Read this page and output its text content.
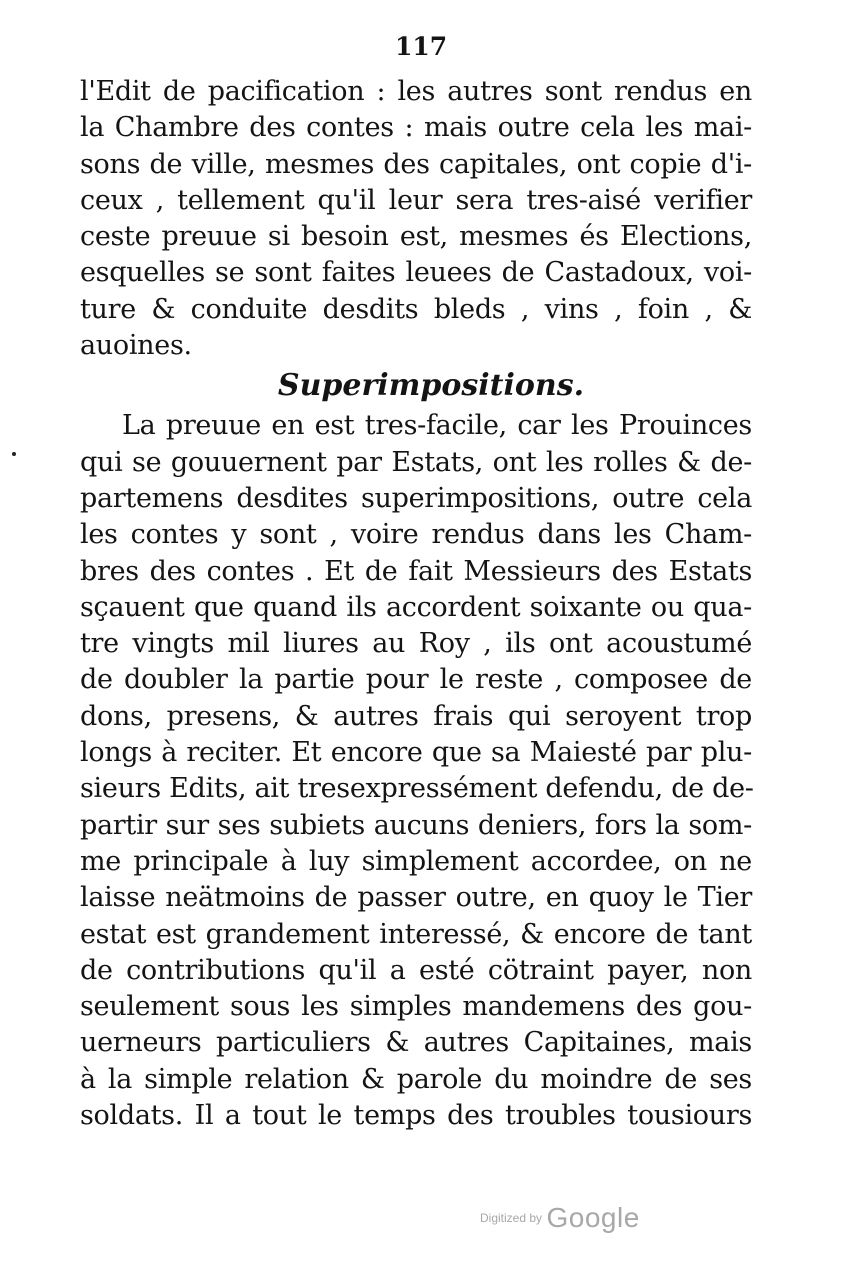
117
l'Edit de pacification : les autres sont rendus en
la Chambre des contes : mais outre cela les mai-
sons de ville, mesmes des capitales, ont copie d'i-
ceux , tellement qu'il leur sera tres-aisé verifier
ceste preuue si besoin est, mesmes és Elections,
esquelles se sont faites leuees de Castadoux, voi-
ture & conduite desdits bleds , vins , foin , &
auoines.
Superimpositions.
La preuue en est tres-facile, car les Prouinces
qui se gouuernent par Estats, ont les rolles & de-
partemens desdites superimpositions, outre cela
les contes y sont , voire rendus dans les Cham-
bres des contes . Et de fait Messieurs des Estats
sçauent que quand ils accordent soixante ou qua-
tre vingts mil liures au Roy , ils ont acoustumé
de doubler la partie pour le reste , composee de
dons, presens, & autres frais qui seroyent trop
longs à reciter. Et encore que sa Maiesté par plu-
sieurs Edits, ait tresexpressément defendu, de de-
partir sur ses subiets aucuns deniers, fors la som-
me principale à luy simplement accordee, on ne
laisse neätmoins de passer outre, en quoy le Tier
estat est grandement interessé, & encore de tant
de contributions qu'il a esté cötraint payer, non
seulement sous les simples mandemens des gou-
uerneurs particuliers & autres Capitaines, mais
à la simple relation & parole du moindre de ses
soldats. Il a tout le temps des troubles tousiours
Digitized by Google
